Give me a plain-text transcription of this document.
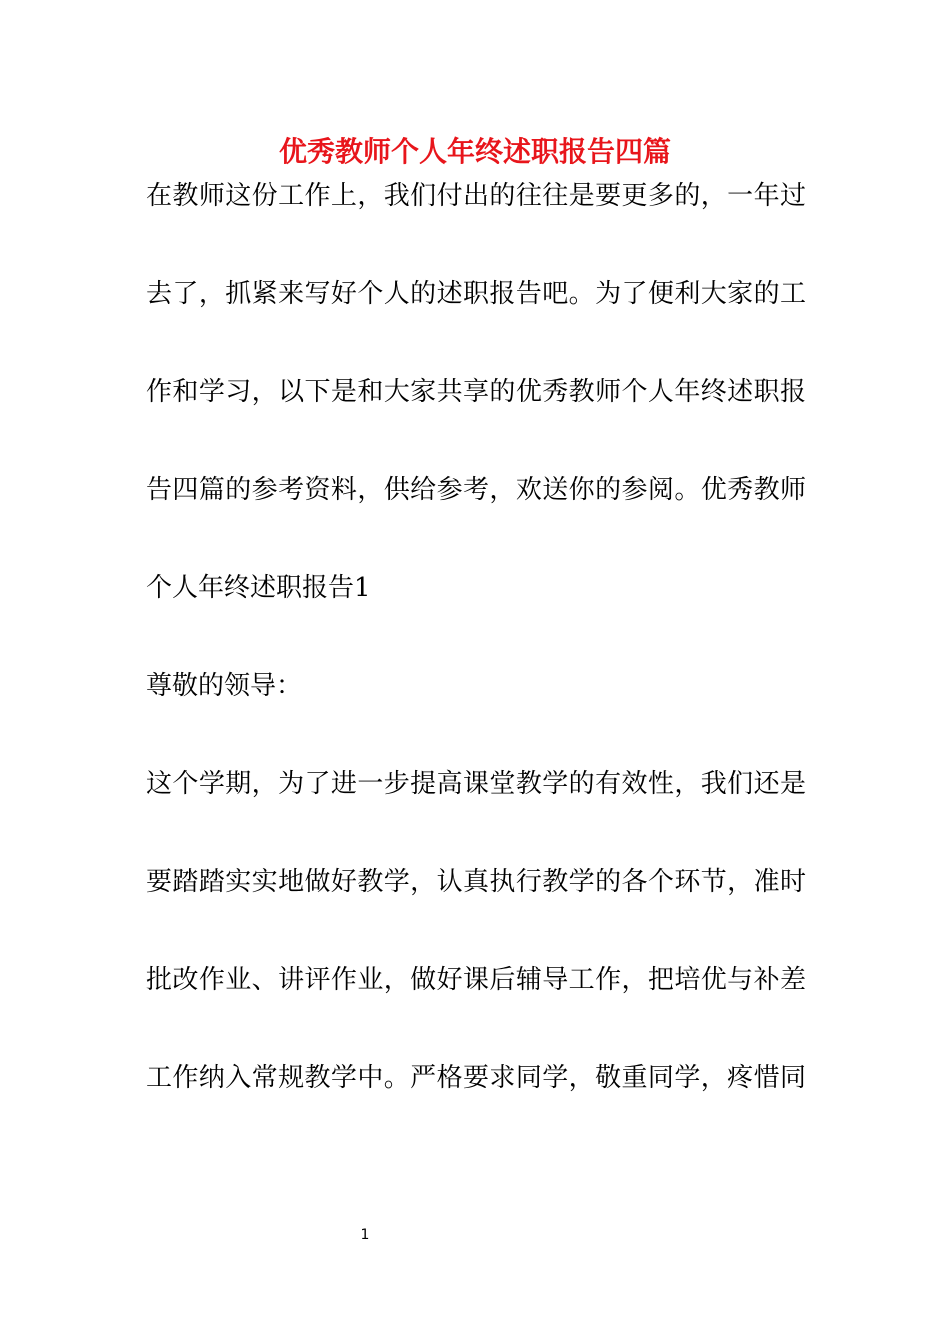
优秀教师个人年终述职报告四篇
在教师这份工作上，我们付出的往往是要更多的，一年过
去了，抓紧来写好个人的述职报告吧。为了便利大家的工
作和学习，以下是和大家共享的优秀教师个人年终述职报
告四篇的参考资料，供给参考，欢送你的参阅。优秀教师
个人年终述职报告1
尊敬的领导：
这个学期，为了进一步提高课堂教学的有效性，我们还是
要踏踏实实地做好教学，认真执行教学的各个环节，准时
批改作业、讲评作业，做好课后辅导工作，把培优与补差
工作纳入常规教学中。严格要求同学，敬重同学，疼惜同
1
